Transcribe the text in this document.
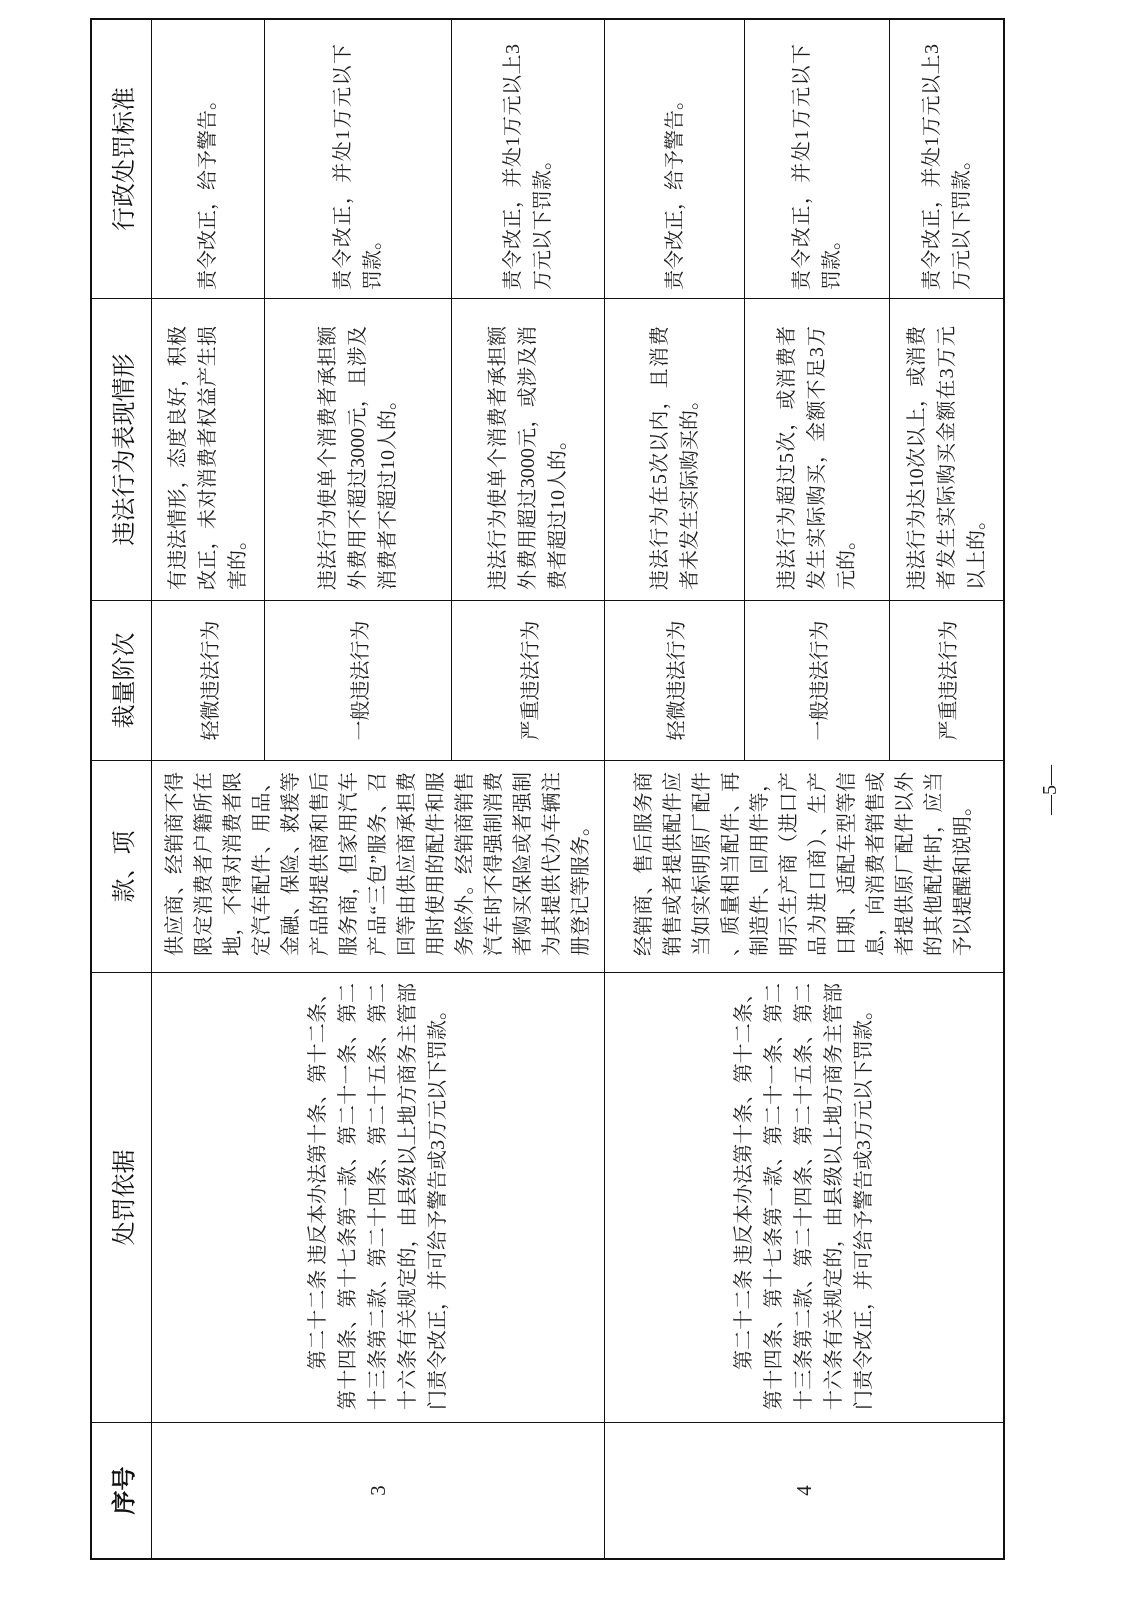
序号
处罚依据
款、项
裁量阶次
违法行为表现情形
行政处罚标准
3
第二十二条 违反本办法第十条、第十二条、第十四条、第十七条第一款、第二十一条、第二十三条第二款、第二十四条、第二十五条、第二十六条有关规定的，由县级以上地方商务主管部门责令改正，并可给予警告或3万元以下罚款。
供应商、经销商不得限定消费者户籍所在地，不得对消费者限定汽车配件、用品、金融、保险、救援等产品的提供商和售后服务商，但家用汽车产品“三包”服务、召回等由供应商承担费用时使用的配件和服务除外。经销商销售汽车时不得强制消费者购买保险或者强制为其提供代办车辆注册登记等服务。
轻微违法行为
有违法情形，态度良好，积极改正，未对消费者权益产生损害的。
责令改正，给予警告。
一般违法行为
违法行为使单个消费者承担额外费用不超过3000元，且涉及消费者不超过10人的。
责令改正，并处1万元以下罚款。
严重违法行为
违法行为使单个消费者承担额外费用超过3000元，或涉及消费者超过10人的。
责令改正，并处1万元以上3万元以下罚款。
4
第二十二条 违反本办法第十条、第十二条、第十四条、第十七条第一款、第二十一条、第二十三条第二款、第二十四条、第二十五条、第二十六条有关规定的，由县级以上地方商务主管部门责令改正，并可给予警告或3万元以下罚款。
经销商、售后服务商销售或者提供配件应当如实标明原厂配件、质量相当配件、再制造件、回用件等，明示生产商（进口产品为进口商）、生产日期、适配车型等信息，向消费者销售或者提供原厂配件以外的其他配件时，应当予以提醒和说明。
轻微违法行为
违法行为在5次以内，且消费者未发生实际购买的。
责令改正，给予警告。
一般违法行为
违法行为超过5次，或消费者发生实际购买，金额不足3万元的。
责令改正，并处1万元以下罚款。
严重违法行为
违法行为达10次以上，或消费者发生实际购买金额在3万元以上的。
责令改正，并处1万元以上3万元以下罚款。
—5—
